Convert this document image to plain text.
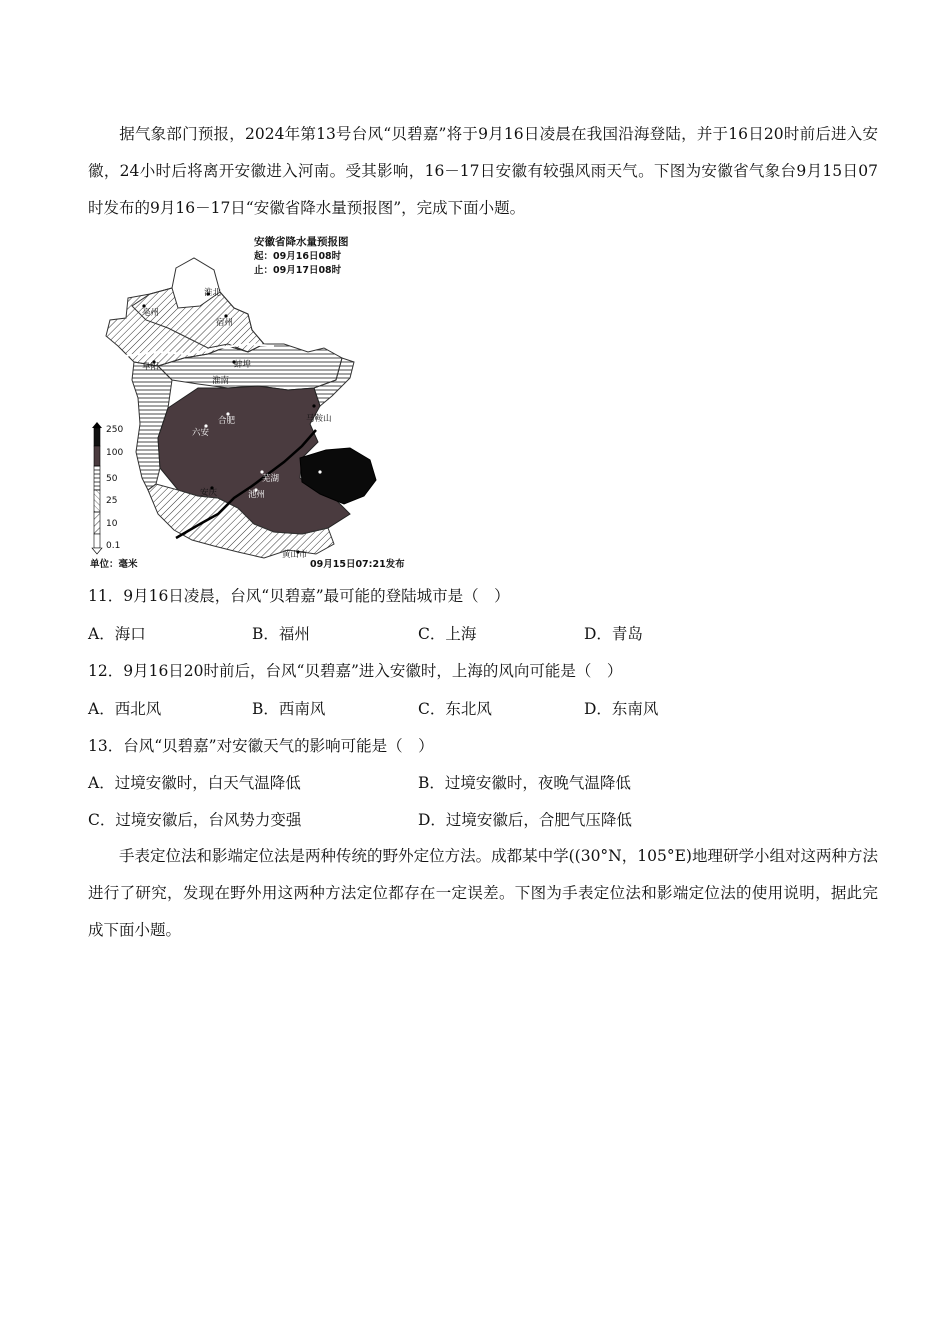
据气象部门预报，2024年第13号台风“贝碧嘉”将于9月16日凌晨在我国沿海登陆，并于16日20时前后进入安徽，24小时后将离开安徽进入河南。受其影响，16－17日安徽有较强风雨天气。下图为安徽省气象台9月15日07时发布的9月16－17日“安徽省降水量预报图”，完成下面小题。

安徽省降水量预报图
起：09月16日08时
止：09月17日08时
淮北
宿州
亳州
阜阳	蚌埠
淮南
合肥
六安
马鞍山
芜湖
安庆	池州
黄山市
250
100
50
25
10
0.1
单位：毫米	09月15日07:21发布
11．9月16日凌晨，台风“贝碧嘉”最可能的登陆城市是（　）
A．海口	B．福州	C．上海	D．青岛
12．9月16日20时前后，台风“贝碧嘉”进入安徽时，上海的风向可能是（　）
A．西北风	B．西南风	C．东北风	D．东南风
13．台风“贝碧嘉”对安徽天气的影响可能是（　）
A．过境安徽时，白天气温降低	B．过境安徽时，夜晚气温降低
C．过境安徽后，台风势力变强	D．过境安徽后，合肥气压降低

手表定位法和影端定位法是两种传统的野外定位方法。成都某中学((30°N，105°E)地理研学小组对这两种方法进行了研究，发现在野外用这两种方法定位都存在一定误差。下图为手表定位法和影端定位法的使用说明，据此完成下面小题。
